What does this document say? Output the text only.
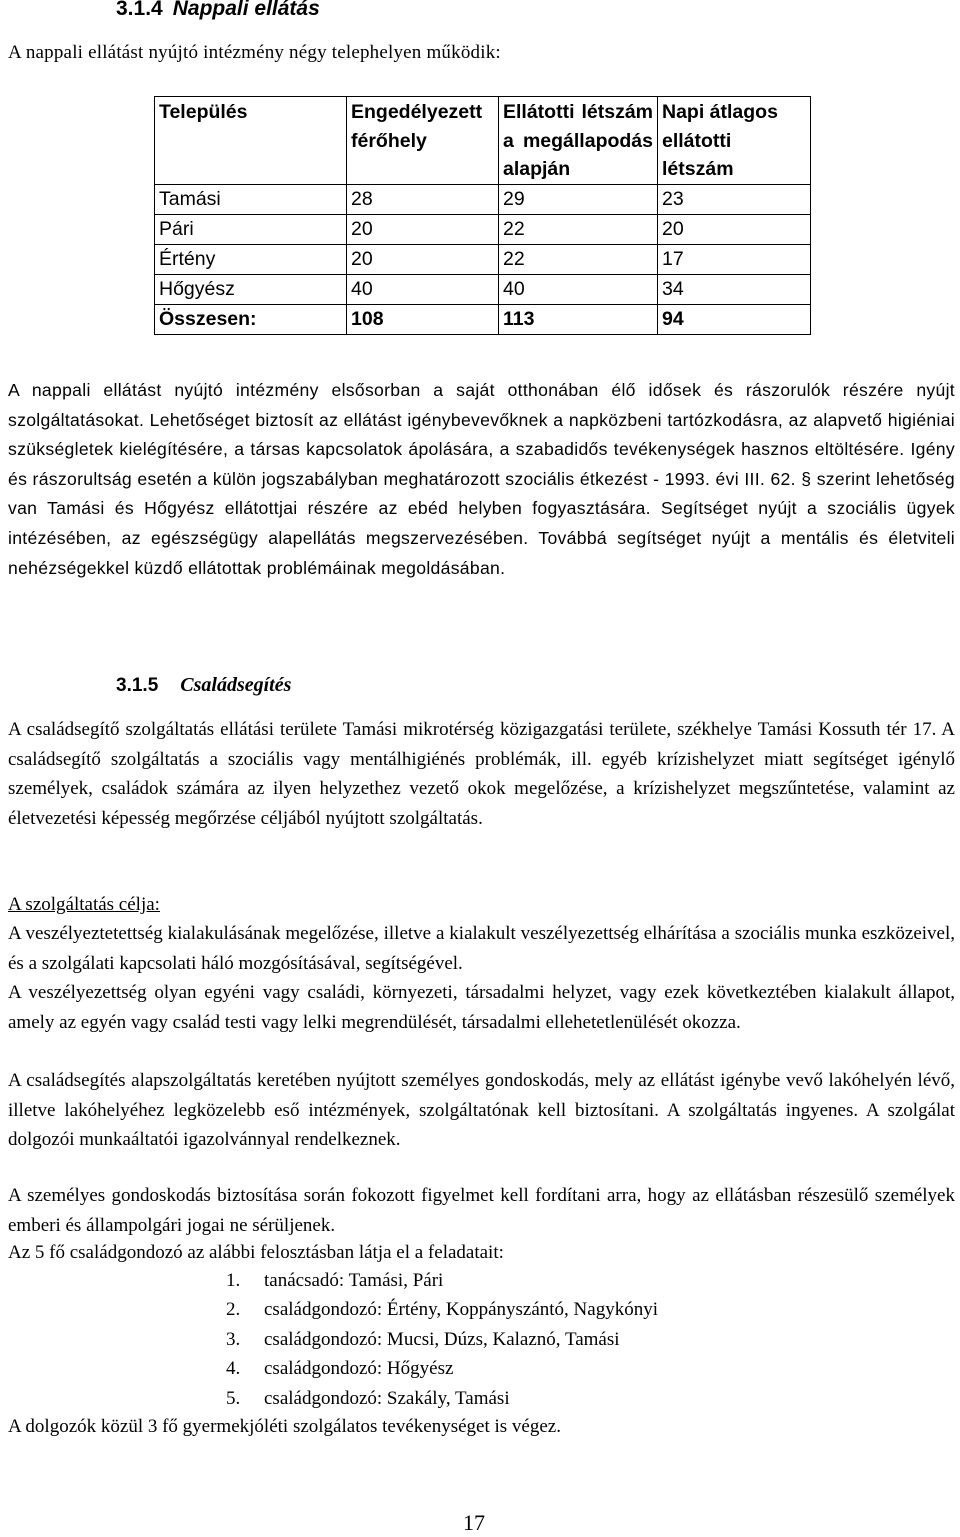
3.1.4 Nappali ellátás
A nappali ellátást nyújtó intézmény négy telephelyen működik:
Település	Engedélyezett férőhely	Ellátotti létszám a megállapodás alapján	Napi átlagos ellátotti létszám
Tamási	28	29	23
Pári	20	22	20
Értény	20	22	17
Hőgyész	40	40	34
Összesen:	108	113	94
A nappali ellátást nyújtó intézmény elsősorban a saját otthonában élő idősek és rászorulók részére nyújt szolgáltatásokat. Lehetőséget biztosít az ellátást igénybevevőknek a napközbeni tartózkodásra, az alapvető higiéniai szükségletek kielégítésére, a társas kapcsolatok ápolására, a szabadidős tevékenységek hasznos eltöltésére. Igény és rászorultság esetén a külön jogszabályban meghatározott szociális étkezést - 1993. évi III. 62. § szerint lehetőség van Tamási és Hőgyész ellátottjai részére az ebéd helyben fogyasztására. Segítséget nyújt a szociális ügyek intézésében, az egészségügy alapellátás megszervezésében. Továbbá segítséget nyújt a mentális és életviteli nehézségekkel küzdő ellátottak problémáinak megoldásában.
3.1.5 Családsegítés
A családsegítő szolgáltatás ellátási területe Tamási mikrotérség közigazgatási területe, székhelye Tamási Kossuth tér 17. A családsegítő szolgáltatás a szociális vagy mentálhigiénés problémák, ill. egyéb krízishelyzet miatt segítséget igénylő személyek, családok számára az ilyen helyzethez vezető okok megelőzése, a krízishelyzet megszűntetése, valamint az életvezetési képesség megőrzése céljából nyújtott szolgáltatás.
A szolgáltatás célja:
A veszélyeztetettség kialakulásának megelőzése, illetve a kialakult veszélyezettség elhárítása a szociális munka eszközeivel, és a szolgálati kapcsolati háló mozgósításával, segítségével.
A veszélyezettség olyan egyéni vagy családi, környezeti, társadalmi helyzet, vagy ezek következtében kialakult állapot, amely az egyén vagy család testi vagy lelki megrendülését, társadalmi ellehetetlenülését okozza.
A családsegítés alapszolgáltatás keretében nyújtott személyes gondoskodás, mely az ellátást igénybe vevő lakóhelyén lévő, illetve lakóhelyéhez legközelebb eső intézmények, szolgáltatónak kell biztosítani. A szolgáltatás ingyenes. A szolgálat dolgozói munkaáltatói igazolvánnyal rendelkeznek.
A személyes gondoskodás biztosítása során fokozott figyelmet kell fordítani arra, hogy az ellátásban részesülő személyek emberi és állampolgári jogai ne sérüljenek.
Az 5 fő családgondozó az alábbi felosztásban látja el a feladatait:
1. tanácsadó: Tamási, Pári
2. családgondozó: Értény, Koppányszántó, Nagykónyi
3. családgondozó: Mucsi, Dúzs, Kalaznó, Tamási
4. családgondozó: Hőgyész
5. családgondozó: Szakály, Tamási
A dolgozók közül 3 fő gyermekjóléti szolgálatos tevékenységet is végez.
17
